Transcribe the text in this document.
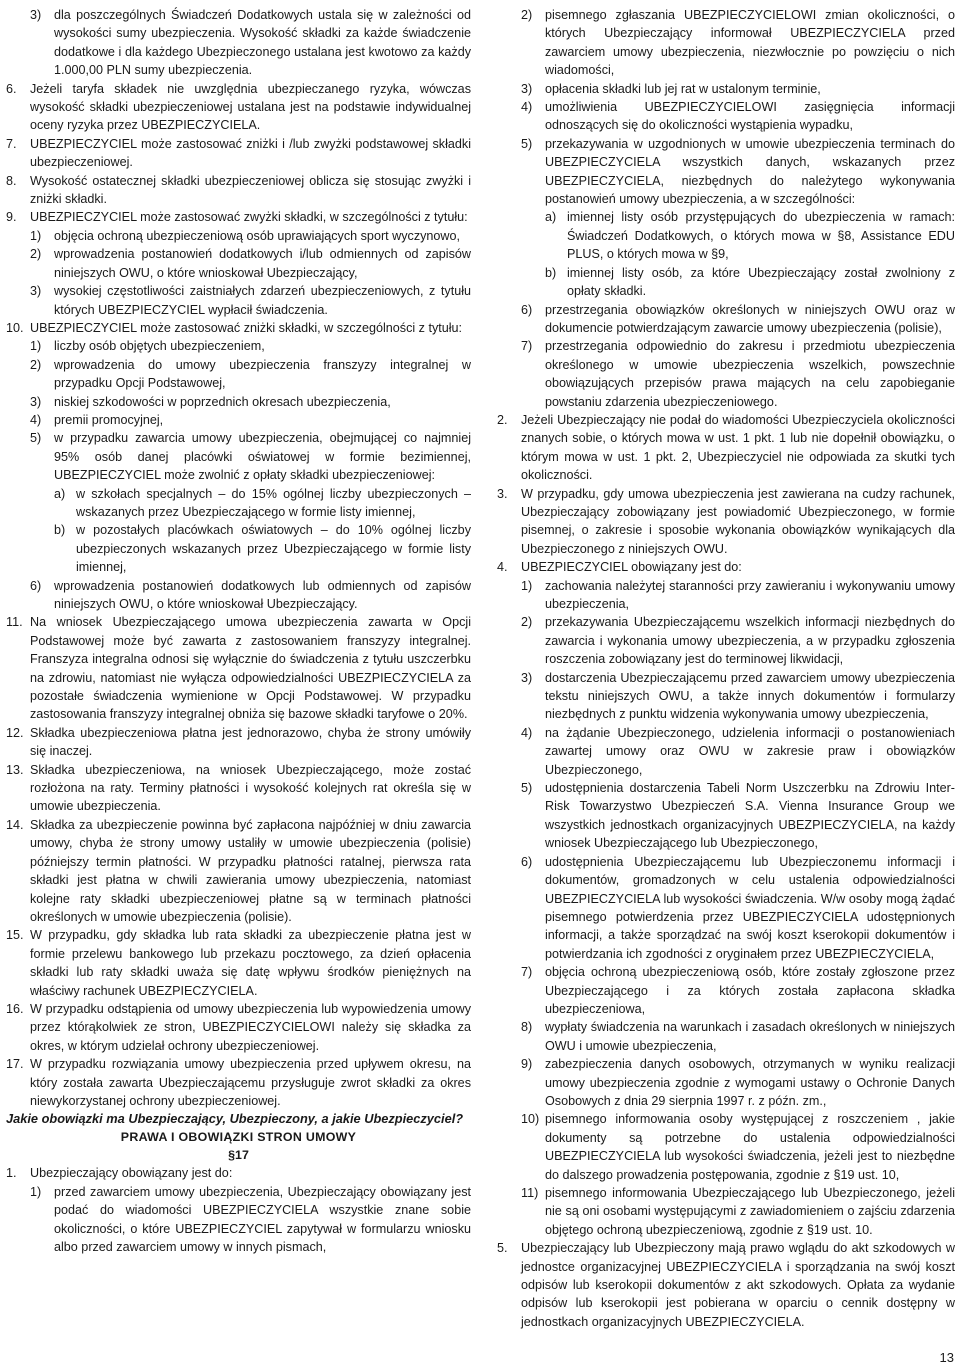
3) dla poszczególnych Świadczeń Dodatkowych ustala się w zależności od wysokości sumy ubezpieczenia. Wysokość składki za każde świadczenie dodatkowe i dla każdego Ubezpieczonego ustalana jest kwotowo za każdy 1.000,00 PLN sumy ubezpieczenia.

6. Jeżeli taryfa składek nie uwzględnia ubezpieczanego ryzyka, wówczas wysokość składki ubezpieczeniowej ustalana jest na podstawie indywidualnej oceny ryzyka przez UBEZPIECZYCIELA.

7. UBEZPIECZYCIEL może zastosować zniżki i /lub zwyżki podstawowej składki ubezpieczeniowej.

8. Wysokość ostatecznej składki ubezpieczeniowej oblicza się stosując zwyżki i zniżki składki.

9. UBEZPIECZYCIEL może zastosować zwyżki składki, w szczególności z tytułu:

1) objęcia ochroną ubezpieczeniową osób uprawiających sport wyczynowo,

2) wprowadzenia postanowień dodatkowych i/lub odmiennych od zapisów niniejszych OWU, o które wnioskował Ubezpieczający,

3) wysokiej częstotliwości zaistniałych zdarzeń ubezpieczeniowych, z tytułu których UBEZPIECZYCIEL wypłacił świadczenia.

10. UBEZPIECZYCIEL może zastosować zniżki składki, w szczególności z tytułu:

1) liczby osób objętych ubezpieczeniem,

2) wprowadzenia do umowy ubezpieczenia franszyzy integralnej w przypadku Opcji Podstawowej,

3) niskiej szkodowości w poprzednich okresach ubezpieczenia,

4) premii promocyjnej,

5) w przypadku zawarcia umowy ubezpieczenia, obejmującej co najmniej 95% osób danej placówki oświatowej w formie bezimiennej, UBEZPIECZYCIEL może zwolnić z opłaty składki ubezpieczeniowej:

a) w szkołach specjalnych – do 15% ogólnej liczby ubezpieczonych – wskazanych przez Ubezpieczającego w formie listy imiennej,

b) w pozostałych placówkach oświatowych – do 10% ogólnej liczby ubezpieczonych wskazanych przez Ubezpieczającego w formie listy imiennej,

6) wprowadzenia postanowień dodatkowych lub odmiennych od zapisów niniejszych OWU, o które wnioskował Ubezpieczający.

11. Na wniosek Ubezpieczającego umowa ubezpieczenia zawarta w Opcji Podstawowej może być zawarta z zastosowaniem franszyzy integralnej. Franszyza integralna odnosi się wyłącznie do świadczenia z tytułu uszczerbku na zdrowiu, natomiast nie wyłącza odpowiedzialności UBEZPIECZYCIELA za pozostałe świadczenia wymienione w Opcji Podstawowej. W przypadku zastosowania franszyzy integralnej obniża się bazowe składki taryfowe o 20%.

12. Składka ubezpieczeniowa płatna jest jednorazowo, chyba że strony umówiły się inaczej.

13. Składka ubezpieczeniowa, na wniosek Ubezpieczającego, może zostać rozłożona na raty. Terminy płatności i wysokość kolejnych rat określa się w umowie ubezpieczenia.

14. Składka za ubezpieczenie powinna być zapłacona najpóźniej w dniu zawarcia umowy, chyba że strony umowy ustaliły w umowie ubezpieczenia (polisie) późniejszy termin płatności. W przypadku płatności ratalnej, pierwsza rata składki jest płatna w chwili zawierania umowy ubezpieczenia, natomiast kolejne raty składki ubezpieczeniowej płatne są w terminach płatności określonych w umowie ubezpieczenia (polisie).

15. W przypadku, gdy składka lub rata składki za ubezpieczenie płatna jest w formie przelewu bankowego lub przekazu pocztowego, za dzień opłacenia składki lub raty składki uważa się datę wpływu środków pieniężnych na właściwy rachunek UBEZPIECZYCIELA.

16. W przypadku odstąpienia od umowy ubezpieczenia lub wypowiedzenia umowy przez którąkolwiek ze stron, UBEZPIECZYCIELOWI należy się składka za okres, w którym udzielał ochrony ubezpieczeniowej.

17. W przypadku rozwiązania umowy ubezpieczenia przed upływem okresu, na który została zawarta Ubezpieczającemu przysługuje zwrot składki za okres niewykorzystanej ochrony ubezpieczeniowej.

Jakie obowiązki ma Ubezpieczający, Ubezpieczony, a jakie Ubezpieczyciel?
PRAWA I OBOWIĄZKI STRON UMOWY
§17

1. Ubezpieczający obowiązany jest do:

1) przed zawarciem umowy ubezpieczenia, Ubezpieczający obowiązany jest podać do wiadomości UBEZPIECZYCIELA wszystkie znane sobie okoliczności, o które UBEZPIECZYCIEL zapytywał w formularzu wniosku albo przed zawarciem umowy w innych pismach,

2) pisemnego zgłaszania UBEZPIECZYCIELOWI zmian okoliczności, o których Ubezpieczający informował UBEZPIECZYCIELA przed zawarciem umowy ubezpieczenia, niezwłocznie po powzięciu o nich wiadomości,

3) opłacenia składki lub jej rat w ustalonym terminie,

4) umożliwienia UBEZPIECZYCIELOWI zasięgnięcia informacji odnoszących się do okoliczności wystąpienia wypadku,

5) przekazywania w uzgodnionych w umowie ubezpieczenia terminach do UBEZPIECZYCIELA wszystkich danych, wskazanych przez UBEZPIECZYCIELA, niezbędnych do należytego wykonywania postanowień umowy ubezpieczenia, a w szczególności:

a) imiennej listy osób przystępujących do ubezpieczenia w ramach: Świadczeń Dodatkowych, o których mowa w §8, Assistance EDU PLUS, o których mowa w §9,

b) imiennej listy osób, za które Ubezpieczający został zwolniony z opłaty składki.

6) przestrzegania obowiązków określonych w niniejszych OWU oraz w dokumencie potwierdzającym zawarcie umowy ubezpieczenia (polisie),

7) przestrzegania odpowiednio do zakresu i przedmiotu ubezpieczenia określonego w umowie ubezpieczenia wszelkich, powszechnie obowiązujących przepisów prawa mających na celu zapobieganie powstaniu zdarzenia ubezpieczeniowego.

2. Jeżeli Ubezpieczający nie podał do wiadomości Ubezpieczyciela okoliczności znanych sobie, o których mowa w ust. 1 pkt. 1 lub nie dopełnił obowiązku, o którym mowa w ust. 1 pkt. 2, Ubezpieczyciel nie odpowiada za skutki tych okoliczności.

3. W przypadku, gdy umowa ubezpieczenia jest zawierana na cudzy rachunek, Ubezpieczający zobowiązany jest powiadomić Ubezpieczonego, w formie pisemnej, o zakresie i sposobie wykonania obowiązków wynikających dla Ubezpieczonego z niniejszych OWU.

4. UBEZPIECZYCIEL obowiązany jest do:

1) zachowania należytej staranności przy zawieraniu i wykonywaniu umowy ubezpieczenia,

2) przekazywania Ubezpieczającemu wszelkich informacji niezbędnych do zawarcia i wykonania umowy ubezpieczenia, a w przypadku zgłoszenia roszczenia zobowiązany jest do terminowej likwidacji,

3) dostarczenia Ubezpieczającemu przed zawarciem umowy ubezpieczenia tekstu niniejszych OWU, a także innych dokumentów i formularzy niezbędnych z punktu widzenia wykonywania umowy ubezpieczenia,

4) na żądanie Ubezpieczonego, udzielenia informacji o postanowieniach zawartej umowy oraz OWU w zakresie praw i obowiązków Ubezpieczonego,

5) udostępnienia dostarczenia Tabeli Norm Uszczerbku na Zdrowiu Inter-Risk Towarzystwo Ubezpieczeń S.A. Vienna Insurance Group we wszystkich jednostkach organizacyjnych UBEZPIECZYCIELA, na każdy wniosek Ubezpieczającego lub Ubezpieczonego,

6) udostępnienia Ubezpieczającemu lub Ubezpieczonemu informacji i dokumentów, gromadzonych w celu ustalenia odpowiedzialności UBEZPIECZYCIELA lub wysokości świadczenia. W/w osoby mogą żądać pisemnego potwierdzenia przez UBEZPIECZYCIELA udostępnionych informacji, a także sporządzać na swój koszt kserokopii dokumentów i potwierdzania ich zgodności z oryginałem przez UBEZPIECZYCIELA,

7) objęcia ochroną ubezpieczeniową osób, które zostały zgłoszone przez Ubezpieczającego i za których została zapłacona składka ubezpieczeniowa,

8) wypłaty świadczenia na warunkach i zasadach określonych w niniejszych OWU i umowie ubezpieczenia,

9) zabezpieczenia danych osobowych, otrzymanych w wyniku realizacji umowy ubezpieczenia zgodnie z wymogami ustawy o Ochronie Danych Osobowych z dnia 29 sierpnia 1997 r. z późn. zm.,

10) pisemnego informowania osoby występującej z roszczeniem , jakie dokumenty są potrzebne do ustalenia odpowiedzialności UBEZPIECZYCIELA lub wysokości świadczenia, jeżeli jest to niezbędne do dalszego prowadzenia postępowania, zgodnie z §19 ust. 10,

11) pisemnego informowania Ubezpieczającego lub Ubezpieczonego, jeżeli nie są oni osobami występującymi z zawiadomieniem o zajściu zdarzenia objętego ochroną ubezpieczeniową, zgodnie z §19 ust. 10.

5. Ubezpieczający lub Ubezpieczony mają prawo wglądu do akt szkodowych w jednostce organizacyjnej UBEZPIECZYCIELA i sporządzania na swój koszt odpisów lub kserokopii dokumentów z akt szkodowych. Opłata za wydanie odpisów lub kserokopii jest pobierana w oparciu o cennik dostępny w jednostkach organizacyjnych UBEZPIECZYCIELA.

13
